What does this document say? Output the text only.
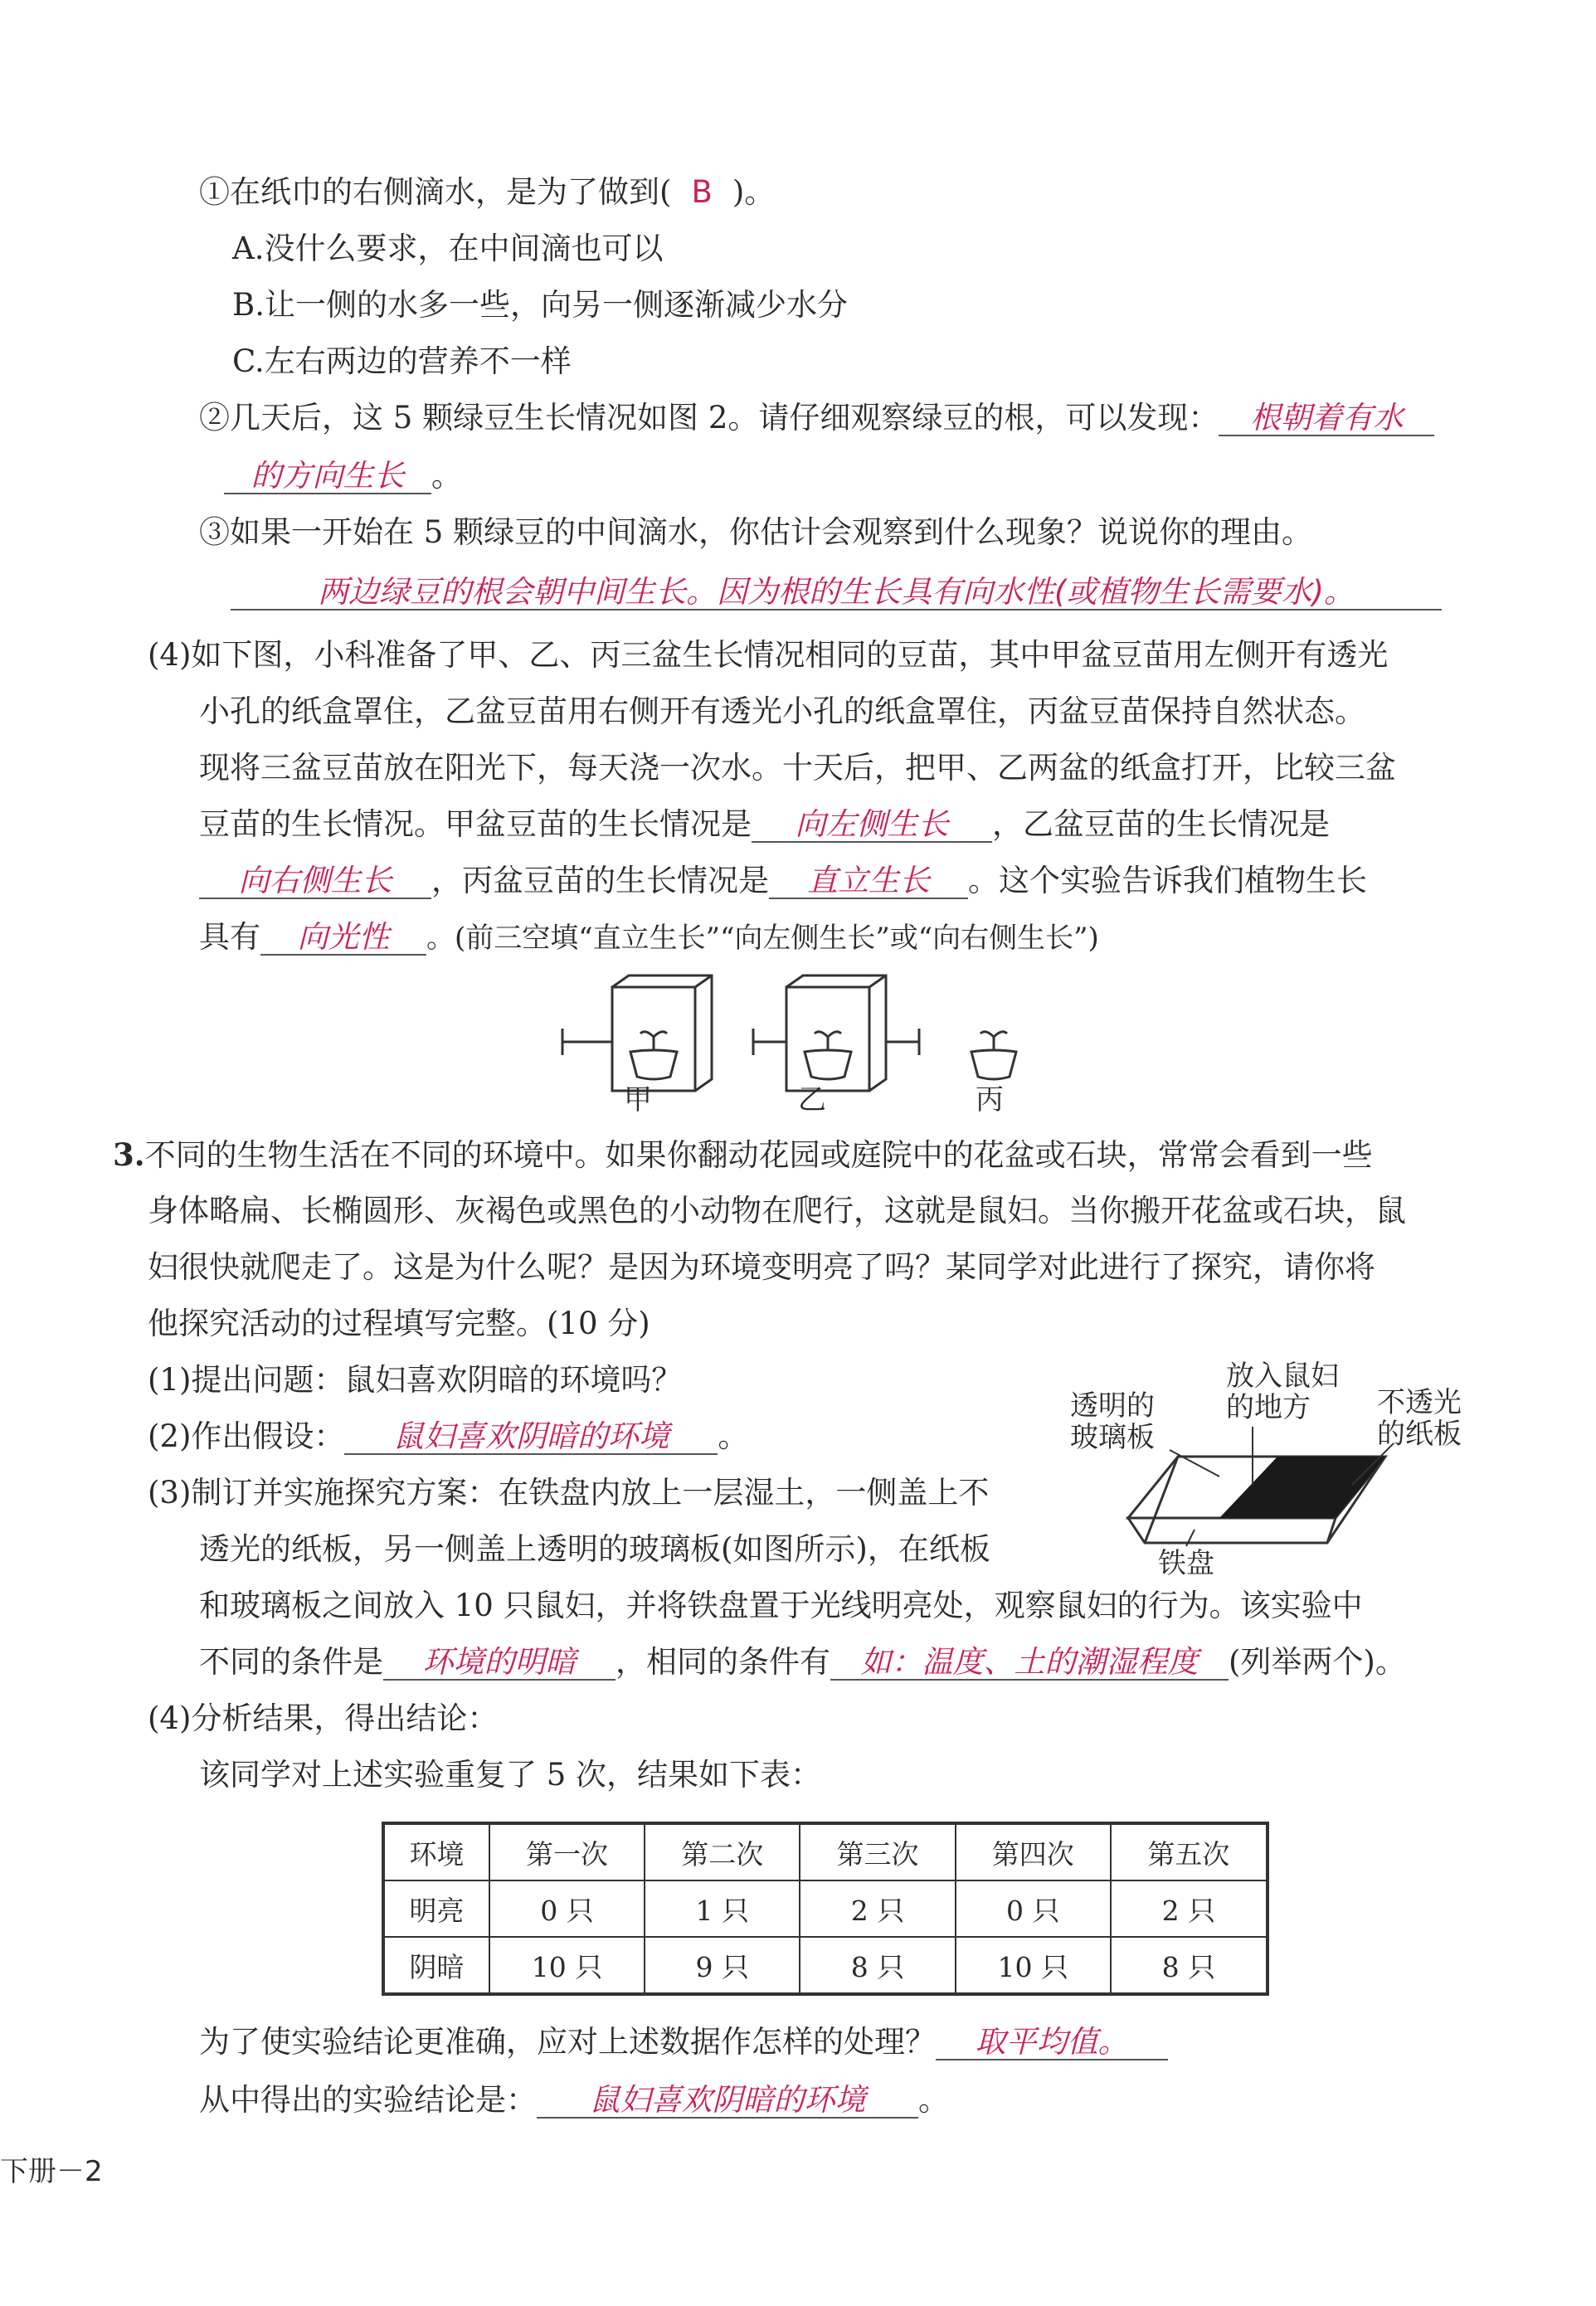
①在纸巾的右侧滴水，是为了做到( B )。
A.没什么要求，在中间滴也可以
B.让一侧的水多一些，向另一侧逐渐减少水分
C.左右两边的营养不一样
②几天后，这 5 颗绿豆生长情况如图 2。请仔细观察绿豆的根，可以发现： 根朝着有水
的方向生长 。
③如果一开始在 5 颗绿豆的中间滴水，你估计会观察到什么现象？说说你的理由。
两边绿豆的根会朝中间生长。因为根的生长具有向水性(或植物生长需要水)。
(4)如下图，小科准备了甲、乙、丙三盆生长情况相同的豆苗，其中甲盆豆苗用左侧开有透光
小孔的纸盒罩住，乙盆豆苗用右侧开有透光小孔的纸盒罩住，丙盆豆苗保持自然状态。
现将三盆豆苗放在阳光下，每天浇一次水。十天后，把甲、乙两盆的纸盒打开，比较三盆
豆苗的生长情况。甲盆豆苗的生长情况是 向左侧生长 ，乙盆豆苗的生长情况是
向右侧生长 ，丙盆豆苗的生长情况是 直立生长 。这个实验告诉我们植物生长
具有 向光性 。(前三空填“直立生长”“向左侧生长”或“向右侧生长”)
甲	乙	丙
3.不同的生物生活在不同的环境中。如果你翻动花园或庭院中的花盆或石块，常常会看到一些
身体略扁、长椭圆形、灰褐色或黑色的小动物在爬行，这就是鼠妇。当你搬开花盆或石块，鼠
妇很快就爬走了。这是为什么呢？是因为环境变明亮了吗？某同学对此进行了探究，请你将
他探究活动的过程填写完整。(10 分)
(1)提出问题：鼠妇喜欢阴暗的环境吗？
(2)作出假设： 鼠妇喜欢阴暗的环境 。
(3)制订并实施探究方案：在铁盘内放上一层湿土，一侧盖上不
透光的纸板，另一侧盖上透明的玻璃板(如图所示)，在纸板
和玻璃板之间放入 10 只鼠妇，并将铁盘置于光线明亮处，观察鼠妇的行为。该实验中
不同的条件是 环境的明暗 ，相同的条件有 如：温度、土的潮湿程度 (列举两个)。
透明的
玻璃板
放入鼠妇
的地方 不透光
的纸板
铁盘
(4)分析结果，得出结论：
该同学对上述实验重复了 5 次，结果如下表：
环境	第一次	第二次	第三次	第四次	第五次
明亮	0 只	1 只	2 只	0 只	2 只
阴暗	10 只	9 只	8 只	10 只	8 只
为了使实验结论更准确，应对上述数据作怎样的处理？ 取平均值。
从中得出的实验结论是： 鼠妇喜欢阴暗的环境 。
下册－2
